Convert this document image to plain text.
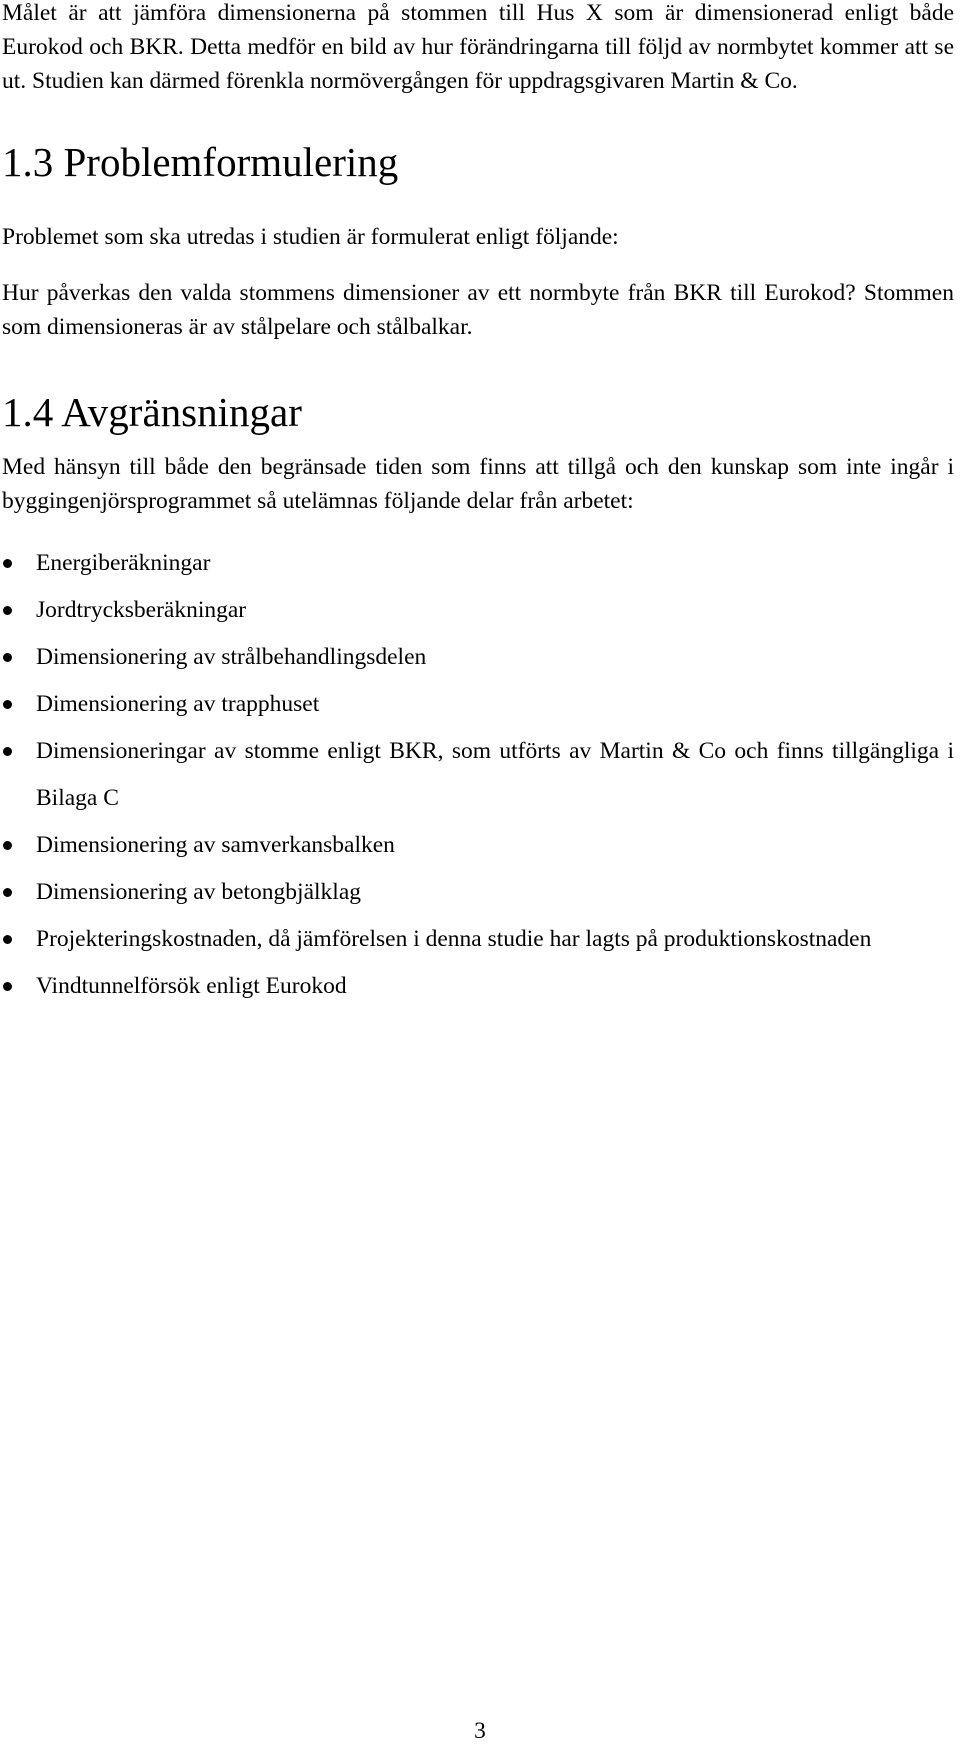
Målet är att jämföra dimensionerna på stommen till Hus X som är dimensionerad enligt både Eurokod och BKR. Detta medför en bild av hur förändringarna till följd av normbytet kommer att se ut. Studien kan därmed förenkla normövergången för uppdragsgivaren Martin & Co.

1.3 Problemformulering

Problemet som ska utredas i studien är formulerat enligt följande:

Hur påverkas den valda stommens dimensioner av ett normbyte från BKR till Eurokod? Stommen som dimensioneras är av stålpelare och stålbalkar.

1.4 Avgränsningar

Med hänsyn till både den begränsade tiden som finns att tillgå och den kunskap som inte ingår i byggingenjörsprogrammet så utelämnas följande delar från arbetet:

Energiberäkningar
Jordtrycksberäkningar
Dimensionering av strålbehandlingsdelen
Dimensionering av trapphuset
Dimensioneringar av stomme enligt BKR, som utförts av Martin & Co och finns tillgängliga i Bilaga C
Dimensionering av samverkansbalken
Dimensionering av betongbjälklag
Projekteringskostnaden, då jämförelsen i denna studie har lagts på produktionskostnaden
Vindtunnelförsök enligt Eurokod
3
